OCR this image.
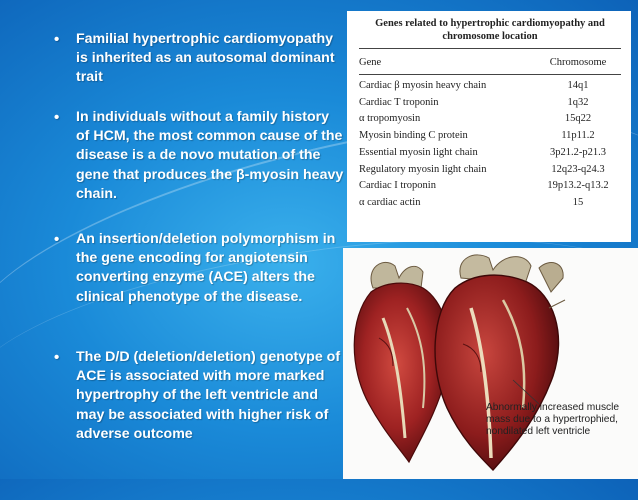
• Familial hypertrophic cardiomyopathy is inherited as an autosomal dominant trait
• In individuals without a family history of HCM, the most common cause of the disease is a de novo mutation of the gene that produces the β-myosin heavy chain.
• An insertion/deletion polymorphism in the gene encoding for angiotensin converting enzyme (ACE) alters the clinical phenotype of the disease.
• The D/D (deletion/deletion) genotype of ACE is associated with more marked hypertrophy of the left ventricle and may be associated with higher risk of adverse outcome
Genes related to hypertrophic cardiomyopathy and chromosome location
Gene	Chromosome
Cardiac β myosin heavy chain	14q1
Cardiac T troponin	1q32
α tropomyosin	15q22
Myosin binding C protein	11p11.2
Essential myosin light chain	3p21.2-p21.3
Regulatory myosin light chain	12q23-q24.3
Cardiac I troponin	19p13.2-q13.2
α cardiac actin	15
Abnormally increased muscle mass due to a hypertrophied, nondilated left ventricle
